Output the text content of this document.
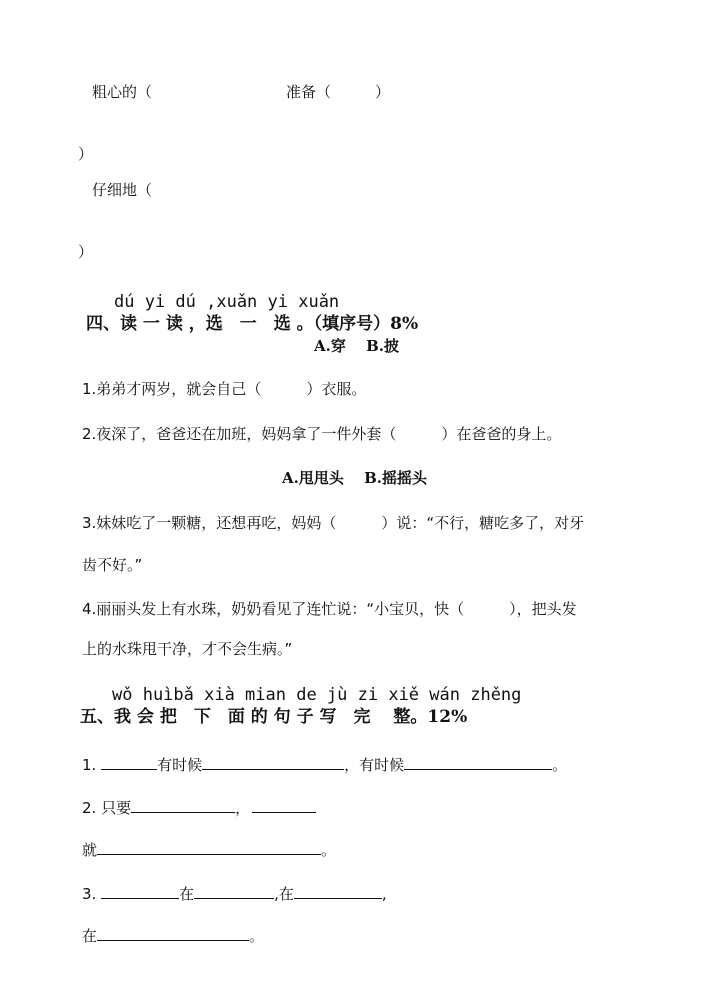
粗心的（	准备（	）
）
仔细地（
）
dú yi dú ,xuǎn yi xuǎn
四、读 一 读 ，选　一　选 。（填序号）8%
A.穿　 B.披
1.弟弟才两岁，就会自己（　　　）衣服。
2.夜深了，爸爸还在加班，妈妈拿了一件外套（　　　）在爸爸的身上。
A.甩甩头　 B.摇摇头
3.妹妹吃了一颗糖，还想再吃，妈妈（　　　）说：“不行，糖吃多了，对牙
齿不好。”
4.丽丽头发上有水珠，奶奶看见了连忙说：“小宝贝，快（　　　），把头发
上的水珠甩干净，才不会生病。”
wǒ huìbǎ xià mian de jù zi xiě wán zhěng
五、我 会 把　下　面 的 句 子 写　完　 整。12%
1.	有时候	，有时候	。
2. 只要	，
就	。
3.	在	,在	,
在	。
